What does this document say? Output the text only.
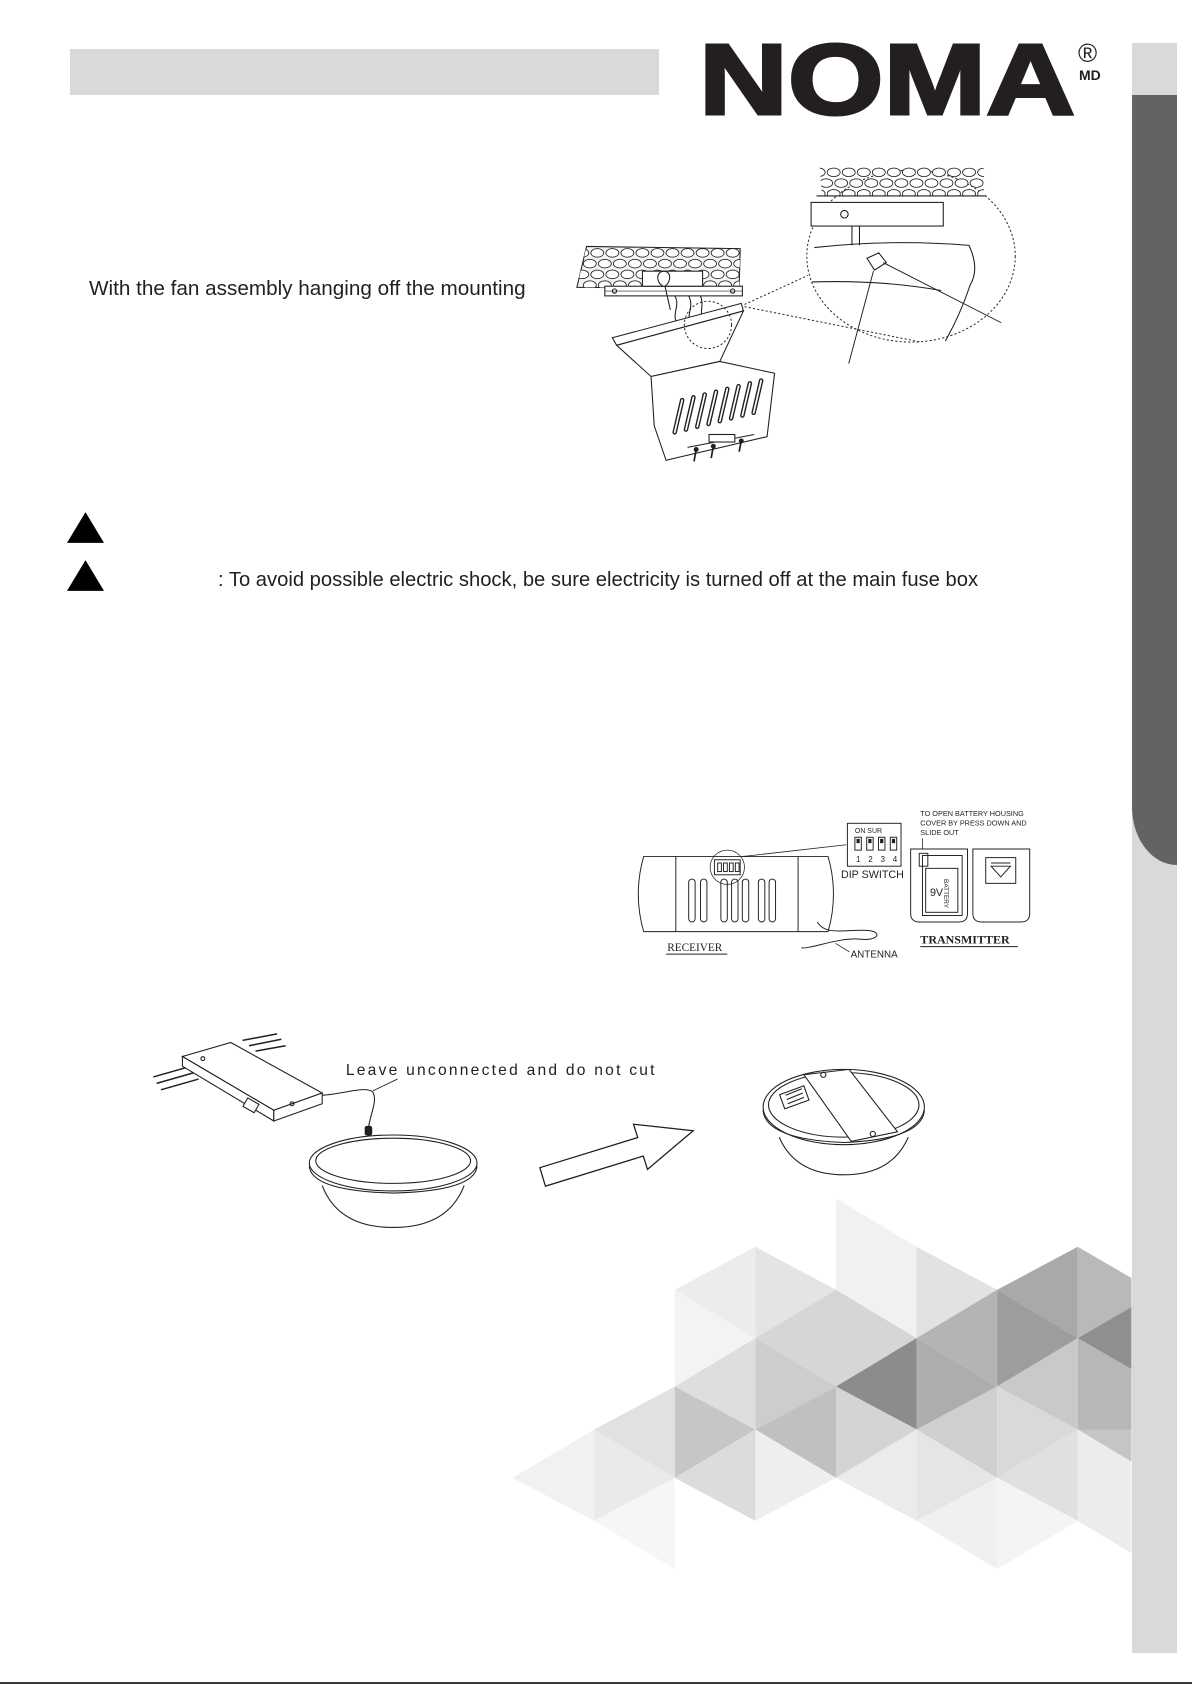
NOMA ®
MD
With the fan assembly hanging off the mounting
: To avoid possible electric shock, be sure electricity is turned off at the main fuse box
ON SUR
1 2 3 4
DIP SWITCH
ANTENNA
RECEIVER
TO OPEN BATTERY HOUSING
COVER BY PRESS DOWN AND
SLIDE OUT
9V
BATTERY
TRANSMITTER
Leave unconnected and do not cut
